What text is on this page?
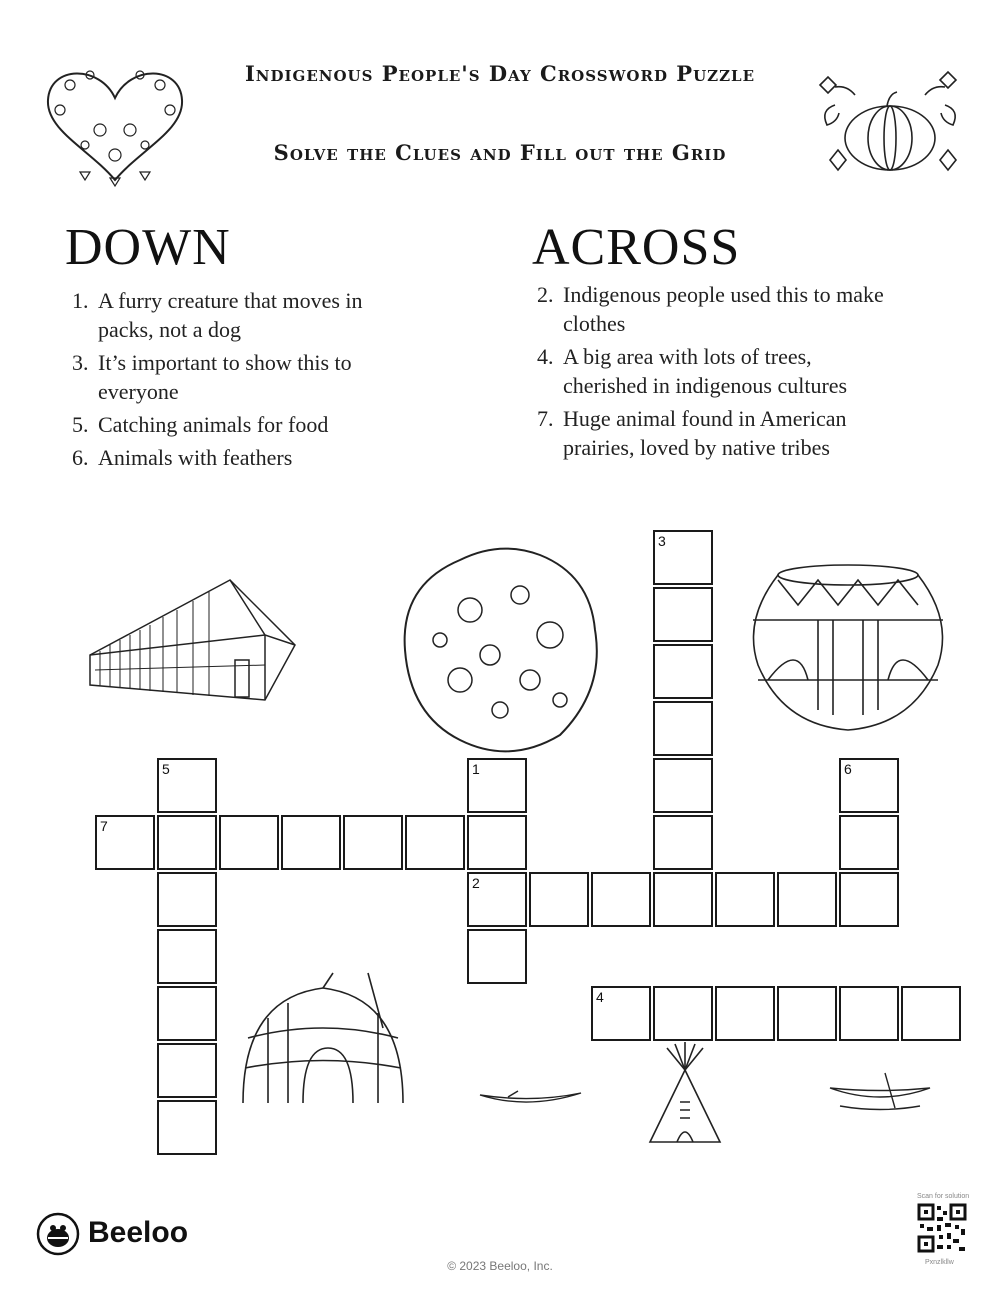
Indigenous People's Day Crossword Puzzle
Solve the Clues and Fill out the Grid
DOWN
1. A furry creature that moves in packs, not a dog
3. It’s important to show this to everyone
5. Catching animals for food
6. Animals with feathers
ACROSS
2. Indigenous people used this to make clothes
4. A big area with lots of trees, cherished in indigenous cultures
7. Huge animal found in American prairies, loved by native tribes
3
5	1
2
6
7
4
Beeloo
© 2023 Beeloo, Inc.
Scan for solution
Pxnzlkllw
